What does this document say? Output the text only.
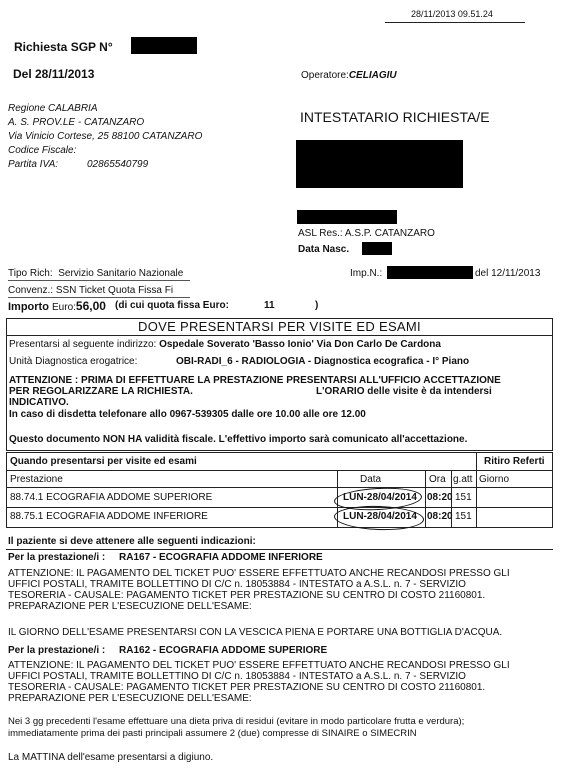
28/11/2013 09.51.24
Richiesta SGP N°
Del 28/11/2013	Operatore:CELIAGIU
Regione CALABRIA
A. S. PROV.LE - CATANZARO
Via Vinicio Cortese, 25 88100 CATANZARO
Codice Fiscale:
Partita IVA:	02865540799
INTESTATARIO RICHIESTA/E
ASL Res.: A.S.P. CATANZARO
Data Nasc.
Tipo Rich: Servizio Sanitario Nazionale	Imp.N.:	del 12/11/2013
Convenz.: SSN Ticket Quota Fissa Fi
Importo Euro:56,00 (di cui quota fissa Euro:	11	)
DOVE PRESENTARSI PER VISITE ED ESAMI
Presentarsi al seguente indirizzo: Ospedale Soverato 'Basso Ionio' Via Don Carlo De Cardona
Unità Diagnostica erogatrice:	OBI-RADI_6 - RADIOLOGIA - Diagnostica ecografica - I° Piano
ATTENZIONE : PRIMA DI EFFETTUARE LA PRESTAZIONE PRESENTARSI ALL'UFFICIO ACCETTAZIONE
PER REGOLARIZZARE LA RICHIESTA.	L'ORARIO delle visite è da intendersi
INDICATIVO.
In caso di disdetta telefonare allo 0967-539305 dalle ore 10.00 alle ore 12.00
Questo documento NON HA validità fiscale. L'effettivo importo sarà comunicato all'accettazione.
Quando presentarsi per visite ed esami	Ritiro Referti
Prestazione	Data	Ora g.att Giorno
88.74.1 ECOGRAFIA ADDOME SUPERIORE	LUN-28/04/2014 08:20 151
88.75.1 ECOGRAFIA ADDOME INFERIORE	LUN-28/04/2014 08:20 151
Il paziente si deve attenere alle seguenti indicazioni:
Per la prestazione/i : RA167 - ECOGRAFIA ADDOME INFERIORE
ATTENZIONE: IL PAGAMENTO DEL TICKET PUO' ESSERE EFFETTUATO ANCHE RECANDOSI PRESSO GLI
UFFICI POSTALI, TRAMITE BOLLETTINO DI C/C n. 18053884 - INTESTATO a A.S.L. n. 7 - SERVIZIO
TESORERIA - CAUSALE: PAGAMENTO TICKET PER PRESTAZIONE SU CENTRO DI COSTO 21160801.
PREPARAZIONE PER L'ESECUZIONE DELL'ESAME:
IL GIORNO DELL'ESAME PRESENTARSI CON LA VESCICA PIENA E PORTARE UNA BOTTIGLIA D'ACQUA.
Per la prestazione/i : RA162 - ECOGRAFIA ADDOME SUPERIORE
ATTENZIONE: IL PAGAMENTO DEL TICKET PUO' ESSERE EFFETTUATO ANCHE RECANDOSI PRESSO GLI
UFFICI POSTALI, TRAMITE BOLLETTINO DI C/C n. 18053884 - INTESTATO a A.S.L. n. 7 - SERVIZIO
TESORERIA - CAUSALE: PAGAMENTO TICKET PER PRESTAZIONE SU CENTRO DI COSTO 21160801.
PREPARAZIONE PER L'ESECUZIONE DELL'ESAME:
Nei 3 gg precedenti l'esame effettuare una dieta priva di residui (evitare in modo particolare frutta e verdura);
immediatamente prima dei pasti principali assumere 2 (due) compresse di SINAIRE o SIMECRIN
La MATTINA dell'esame presentarsi a digiuno.
